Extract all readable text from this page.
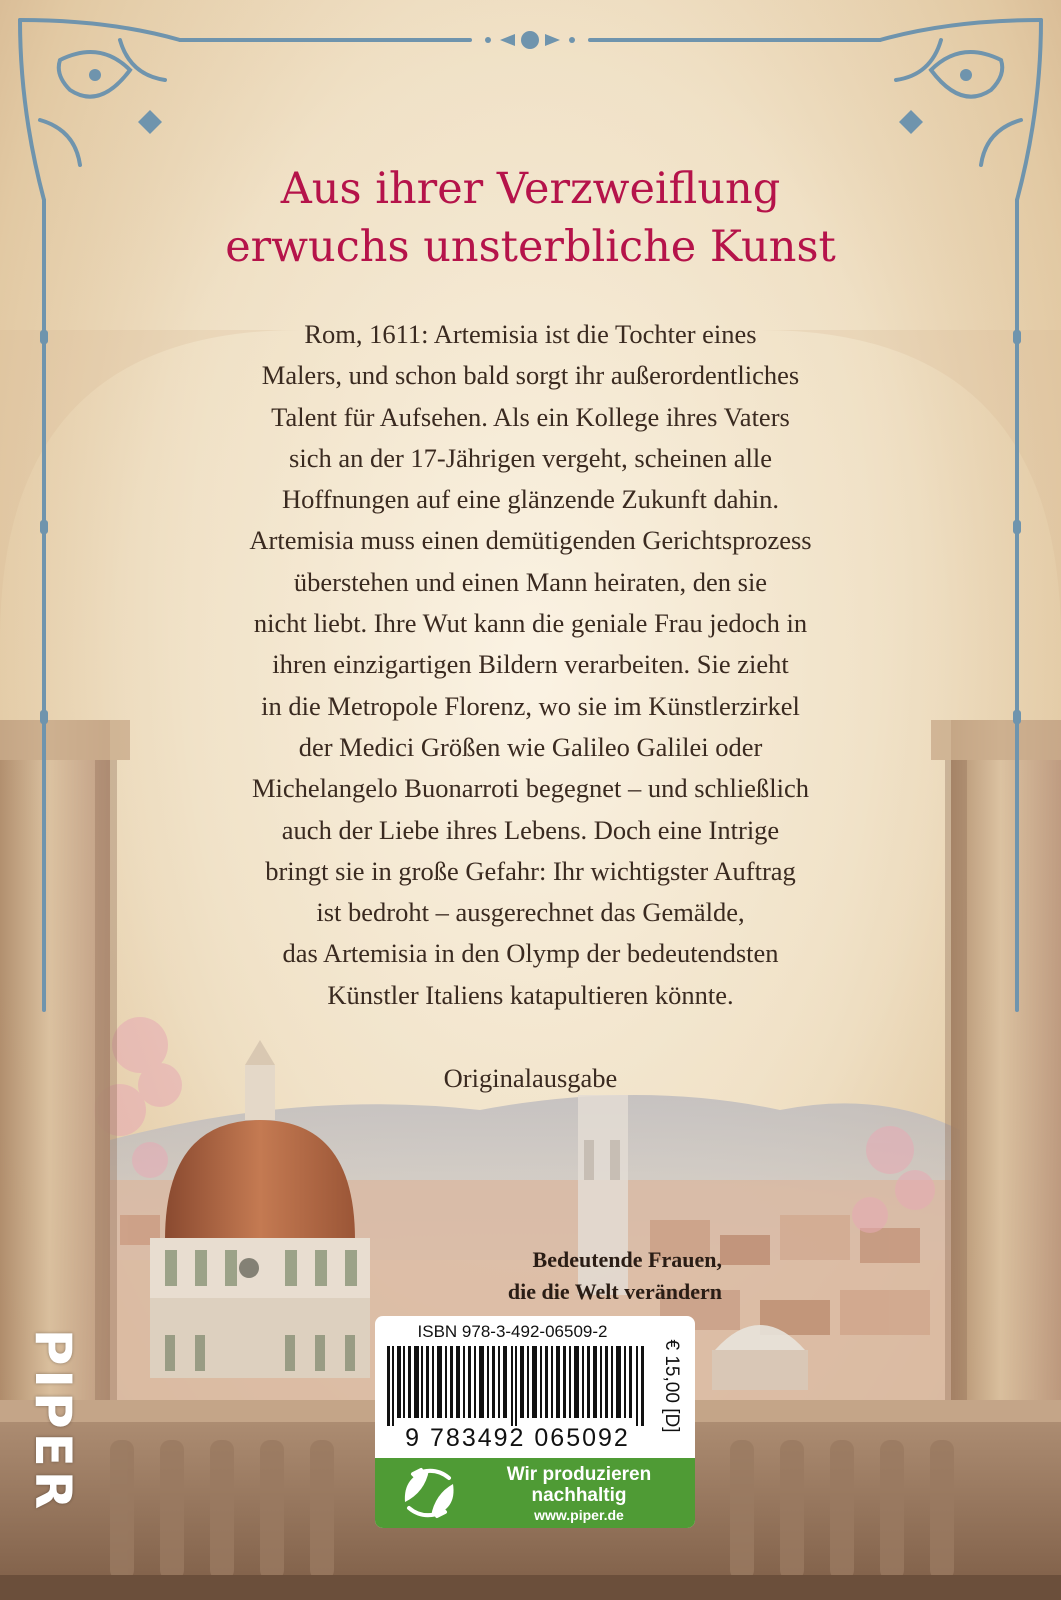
Aus ihrer Verzweiflung
erwuchs unsterbliche Kunst
Rom, 1611: Artemisia ist die Tochter eines
Malers, und schon bald sorgt ihr außerordentliches
Talent für Aufsehen. Als ein Kollege ihres Vaters
sich an der 17-Jährigen vergeht, scheinen alle
Hoffnungen auf eine glänzende Zukunft dahin.
Artemisia muss einen demütigenden Gerichtsprozess
überstehen und einen Mann heiraten, den sie
nicht liebt. Ihre Wut kann die geniale Frau jedoch in
ihren einzigartigen Bildern verarbeiten. Sie zieht
in die Metropole Florenz, wo sie im Künstlerzirkel
der Medici Größen wie Galileo Galilei oder
Michelangelo Buonarroti begegnet – und schließlich
auch der Liebe ihres Lebens. Doch eine Intrige
bringt sie in große Gefahr: Ihr wichtigster Auftrag
ist bedroht – ausgerechnet das Gemälde,
das Artemisia in den Olymp der bedeutendsten
Künstler Italiens katapultieren könnte.
Originalausgabe
Bedeutende Frauen,
die die Welt verändern
PIPER	ISBN 978-3-492-06509-2
9 783492 065092
€ 15,00 [D]
Wir produzieren
nachhaltig
www.piper.de
